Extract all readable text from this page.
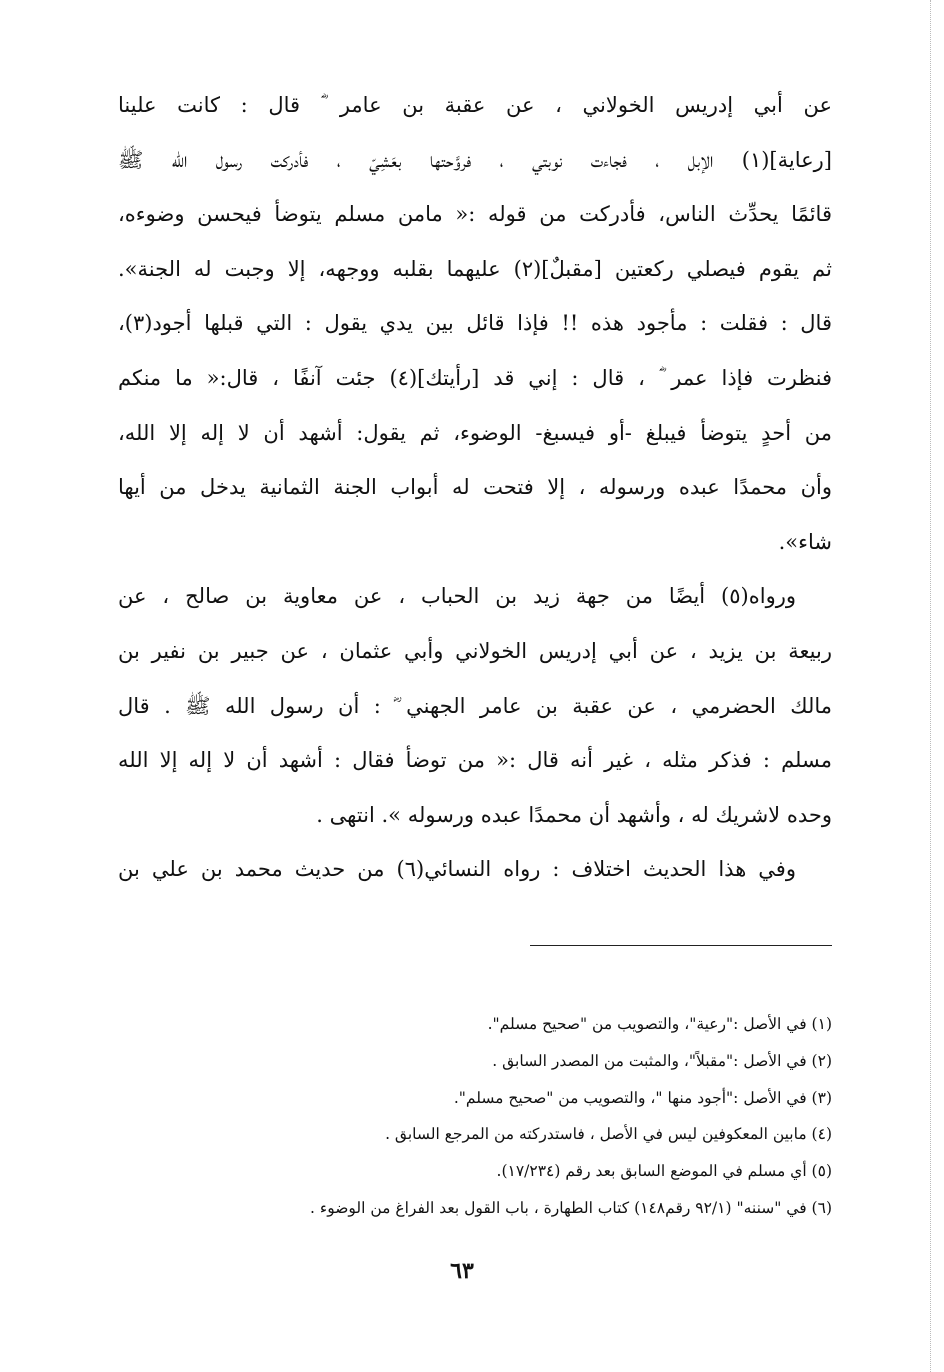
عن أبي إدريس الخولاني ، عن عقبة بن عامر ؓ قال : كانت علينا
[رعاية](١) الإبل ، فجاءت نوبتي ، فروَّحتها بعَشِيّ ، فأدركت رسول الله ﷺ
قائمًا يحدِّث الناس، فأدركت من قوله :« مامن مسلم يتوضأ فيحسن وضوءه،
ثم يقوم فيصلي ركعتين [مقبلٌ](٢) عليهما بقلبه ووجهه، إلا وجبت له الجنة».
قال : فقلت : مأجود هذه !! فإذا قائل بين يدي يقول : التي قبلها أجود(٣)،
فنظرت فإذا عمر ؓ ، قال : إني قد [رأيتك](٤) جئت آنفًا ، قال:« ما منكم
من أحدٍ يتوضأ فيبلغ -أو فيسبغ- الوضوء، ثم يقول: أشهد أن لا إله إلا الله،
وأن محمدًا عبده ورسوله ، إلا فتحت له أبواب الجنة الثمانية يدخل من أيها
شاء».
ورواه(٥) أيضًا من جهة زيد بن الحباب ، عن معاوية بن صالح ، عن
ربيعة بن يزيد ، عن أبي إدريس الخولاني وأبي عثمان ، عن جبير بن نفير بن
مالك الحضرمي ، عن عقبة بن عامر الجهني ؓ : أن رسول الله ﷺ . قال
مسلم : فذكر مثله ، غير أنه قال :« من توضأ فقال : أشهد أن لا إله إلا الله
وحده لاشريك له ، وأشهد أن محمدًا عبده ورسوله ». انتهى .
وفي هذا الحديث اختلاف : رواه النسائي(٦) من حديث محمد بن علي بن
(١) في الأصل :"رعية"، والتصويب من "صحيح مسلم".
(٢) في الأصل :"مقبلاً"، والمثبت من المصدر السابق .
(٣) في الأصل :"أجود منها "، والتصويب من "صحيح مسلم".
(٤) مابين المعكوفين ليس في الأصل ، فاستدركته من المرجع السابق .
(٥) أي مسلم في الموضع السابق بعد رقم (١٧/٢٣٤).
(٦) في "سننه" (٩٢/١ رقم١٤٨) كتاب الطهارة ، باب القول بعد الفراغ من الوضوء .
٦٣
